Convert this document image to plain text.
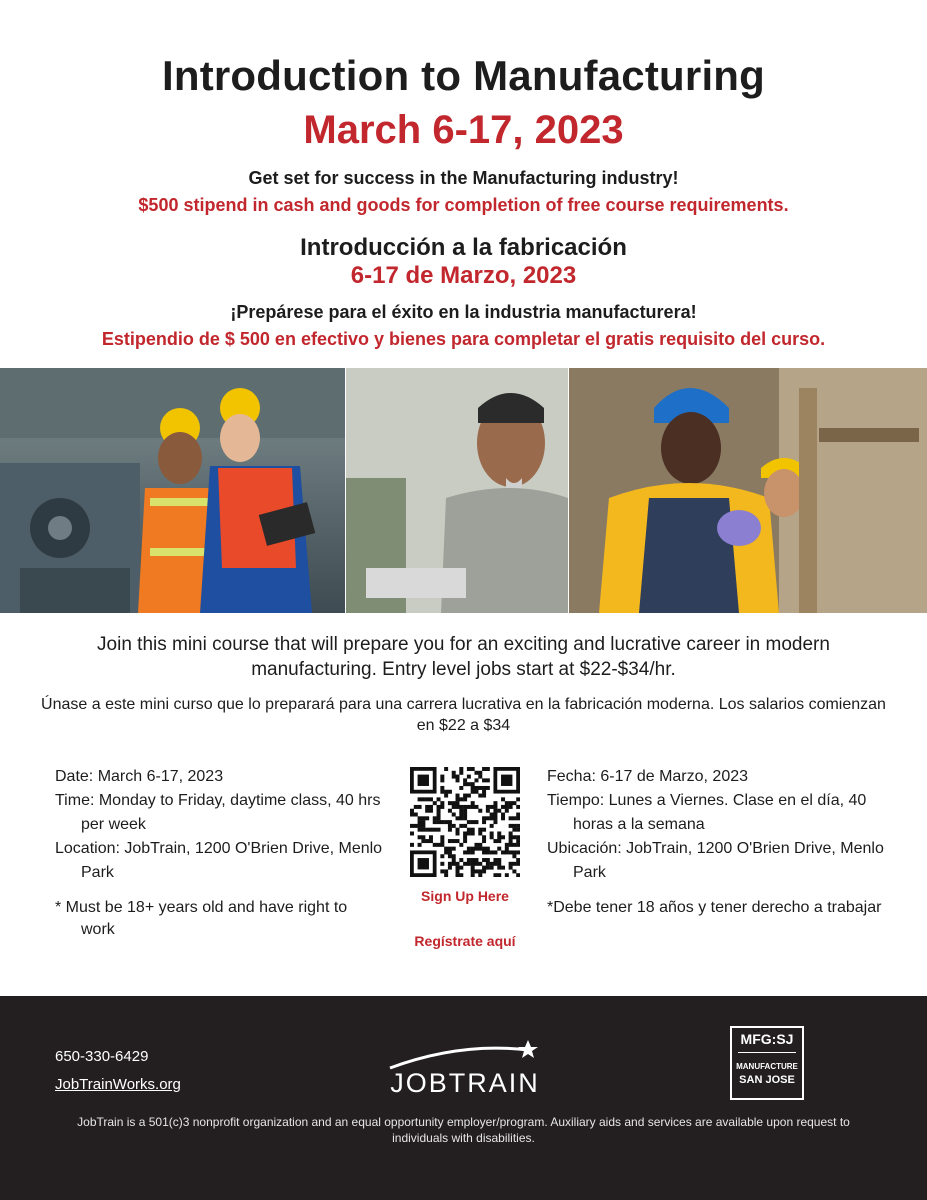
Introduction to Manufacturing
March 6-17, 2023
Get set for success in the Manufacturing industry!
$500 stipend in cash and goods for completion of free course requirements.
Introducción a la fabricación
6-17 de Marzo, 2023
¡Prepárese para el éxito en la industria manufacturera!
Estipendio de $ 500 en efectivo y bienes para completar el gratis requisito del curso.
Join this mini course that will prepare you for an exciting and lucrative career in modern manufacturing. Entry level jobs start at $22-$34/hr.
Únase a este mini curso que lo preparará para una carrera lucrativa en la fabricación moderna. Los salarios comienzan en $22 a $34
Date: March 6-17, 2023
Time: Monday to Friday, daytime class, 40 hrs per week
Location: JobTrain, 1200 O'Brien Drive, Menlo Park
* Must be 18+ years old and have right to work
Sign Up Here
Regístrate aquí
Fecha: 6-17 de Marzo, 2023
Tiempo: Lunes a Viernes. Clase en el día, 40 horas a la semana
Ubicación: JobTrain, 1200 O'Brien Drive, Menlo Park
*Debe tener 18 años y tener derecho a trabajar
650-330-6429
JobTrainWorks.org	JOBTRAIN
MFG:SJ
MANUFACTURE
SAN JOSE
JobTrain is a 501(c)3 nonprofit organization and an equal opportunity employer/program. Auxiliary aids and services are available upon request to individuals with disabilities.
